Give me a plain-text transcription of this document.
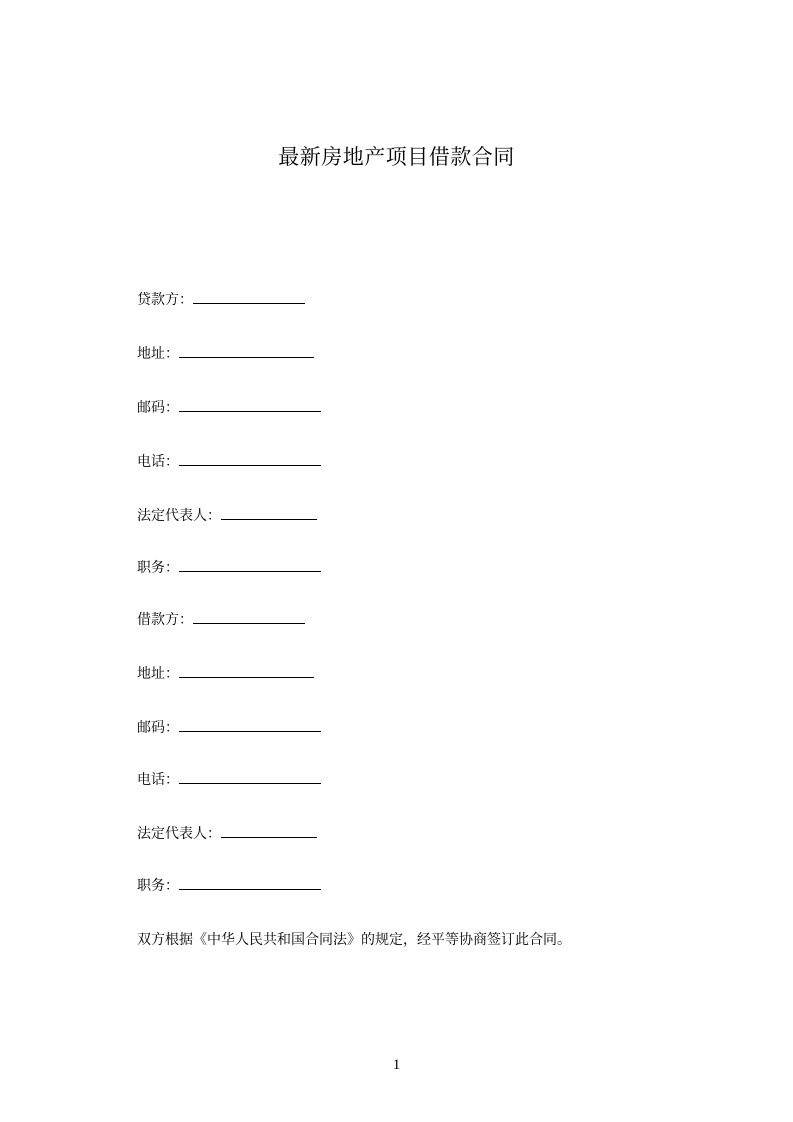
最新房地产项目借款合同
贷款方：
地址：
邮码：
电话：
法定代表人：
职务：
借款方：
地址：
邮码：
电话：
法定代表人：
职务：
双方根据《中华人民共和国合同法》的规定，经平等协商签订此合同。
1
